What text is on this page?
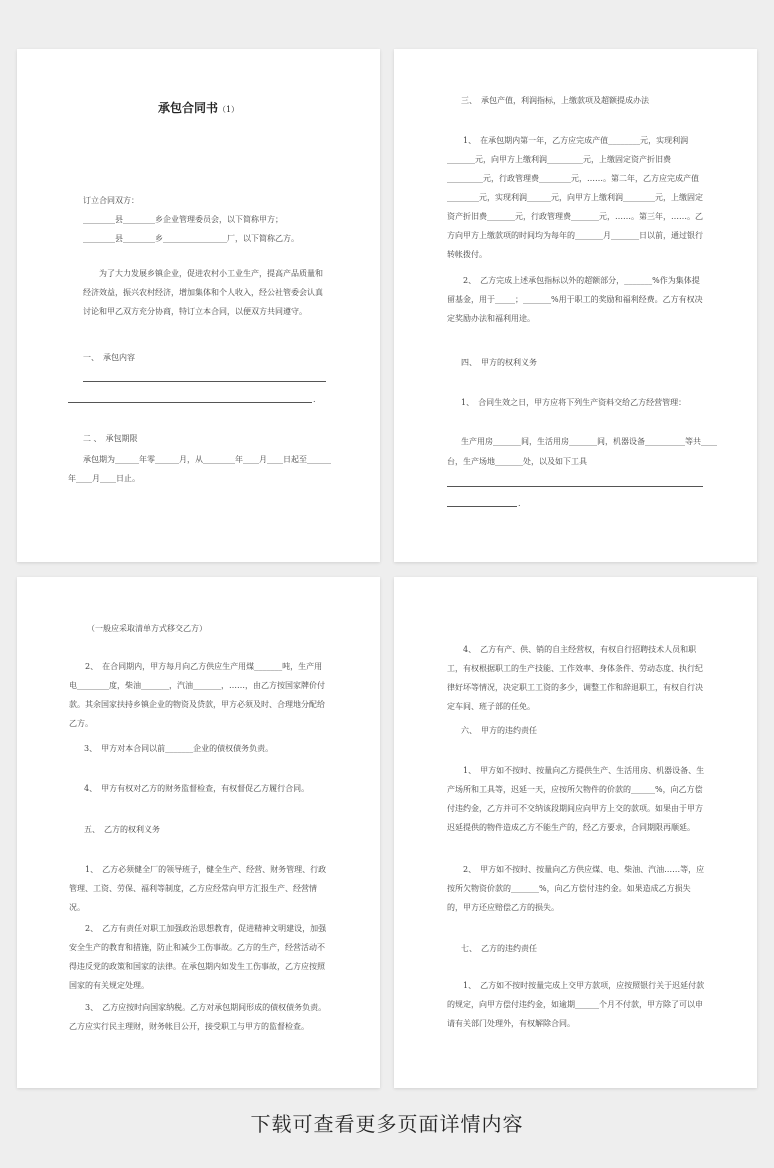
承包合同书（1）
订立合同双方：
________县________乡企业管理委员会，以下简称甲方；
________县________乡________________厂，以下简称乙方。
为了大力发展乡镇企业，促进农村小工业生产，提高产品质量和经济效益，振兴农村经济，增加集体和个人收入，经公社管委会认真讨论和甲乙双方充分协商，特订立本合同，以便双方共同遵守。
一、　承包内容
.
二 、　承包期限
承包期为______年零______月，从________年____月____日起至______
年____月____日止。
三、　承包产值，利润指标，上缴款项及超额提成办法
1、　在承包期内第一年，乙方应完成产值________元，实现利润_______元，向甲方上缴利润_________元，上缴固定资产折旧费_________元，行政管理费________元，……。第二年，乙方应完成产值________元，实现利润______元，向甲方上缴利润________元，上缴固定资产折旧费_______元，行政管理费_______元，……。第三年，……。乙方向甲方上缴款项的时间均为每年的_______月_______日以前，通过银行转帐拨付。
2、　乙方完成上述承包指标以外的超额部分，_______%作为集体提留基金，用于_____；_______%用于职工的奖励和福利经费。乙方有权决定奖励办法和福利用途。
四、　甲方的权利义务
1、　合同生效之日，甲方应将下列生产资料交给乙方经营管理：
生产用房_______间，生活用房_______间，机器设备__________等共____
台，生产场地_______处，以及如下工具
.
（一般应采取清单方式移交乙方）
2、　在合同期内，甲方每月向乙方供应生产用煤_______吨，生产用电________度，柴油_______，汽油_______，……，由乙方按国家牌价付款。其余国家扶持乡镇企业的物资及贷款，甲方必须及时、合理地分配给乙方。
3、　甲方对本合同以前_______企业的债权债务负责。
4、　甲方有权对乙方的财务监督检查，有权督促乙方履行合同。
五、　乙方的权利义务
1、　乙方必须健全厂的领导班子，健全生产、经营、财务管理、行政管理、工资、劳保、福利等制度，乙方应经常向甲方汇报生产、经营情况。
2、　乙方有责任对职工加强政治思想教育，促进精神文明建设，加强安全生产的教育和措施，防止和减少工伤事故。乙方的生产，经营活动不得违反党的政策和国家的法律。在承包期内如发生工伤事故，乙方应按照国家的有关规定处理。
3、　乙方应按时向国家纳税。乙方对承包期间形成的债权债务负责。乙方应实行民主理财，财务帐目公开，接受职工与甲方的监督检查。
4、　乙方有产、供、销的自主经营权，有权自行招聘技术人员和职工，有权根据职工的生产技能、工作效率、身体条件、劳动态度、执行纪律好坏等情况，决定职工工资的多少，调整工作和辞退职工，有权自行决定车间、班子部的任免。
六、　甲方的违约责任
1、　甲方如不按时、按量向乙方提供生产、生活用房、机器设备、生产场所和工具等，迟延一天，应按所欠物件的价款的______%，向乙方偿付违约金，乙方并可不交纳该段期间应向甲方上交的款项。如果由于甲方迟延提供的物件造成乙方不能生产的，经乙方要求，合同期限再顺延。
2、　甲方如不按时、按量向乙方供应煤、电、柴油、汽油……等，应按所欠物资价款的_______%，向乙方偿付违约金。如果造成乙方损失的，甲方还应赔偿乙方的损失。
七、　乙方的违约责任
1、　乙方如不按时按量完成上交甲方款项，应按照银行关于迟延付款的规定，向甲方偿付违约金，如逾期______个月不付款，甲方除了可以申请有关部门处理外，有权解除合同。
下载可查看更多页面详情内容
